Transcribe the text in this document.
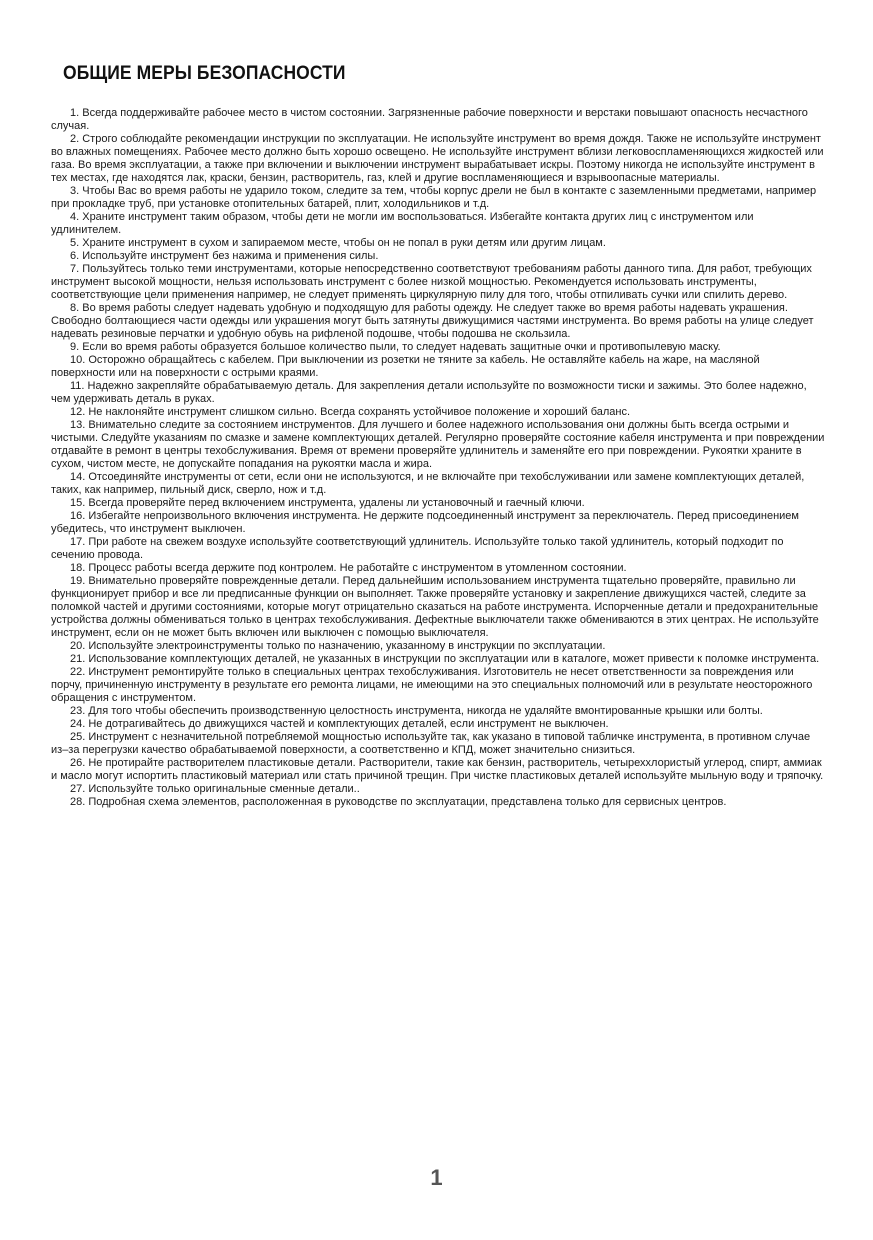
ОБЩИЕ МЕРЫ БЕЗОПАСНОСТИ
1. Всегда поддерживайте рабочее место в чистом состоянии. Загрязненные рабочие поверхности и верстаки повышают опасность несчастного случая.
2. Строго соблюдайте рекомендации инструкции по эксплуатации. Не используйте инструмент во время дождя. Также не используйте инструмент во влажных помещениях. Рабочее место должно быть хорошо освещено. Не используйте инструмент вблизи легковоспламеняющихся жидкостей или газа. Во время эксплуатации, а также при включении и выключении инструмент вырабатывает искры. Поэтому никогда не используйте инструмент в тех местах, где находятся лак, краски, бензин, растворитель, газ, клей и другие воспламеняющиеся и взрывоопасные материалы.
3. Чтобы Вас во время работы не ударило током, следите за тем, чтобы корпус дрели не был в контакте с заземленными предметами, например при прокладке труб, при установке отопительных батарей, плит, холодильников и т.д.
4. Храните инструмент таким образом, чтобы дети не могли им воспользоваться. Избегайте контакта других лиц с инструментом или удлинителем.
5. Храните инструмент в сухом и запираемом месте, чтобы он не попал в руки детям или другим лицам.
6. Используйте инструмент без нажима и применения силы.
7. Пользуйтесь только теми инструментами, которые непосредственно соответствуют требованиям работы данного типа. Для работ, требующих инструмент высокой мощности, нельзя использовать инструмент с более низкой мощностью. Рекомендуется использовать инструменты, соответствующие цели применения например, не следует применять циркулярную пилу для того, чтобы отпиливать сучки или спилить дерево.
8. Во время работы следует надевать удобную и подходящую для работы одежду. Не следует также во время работы надевать украшения. Свободно болтающиеся части одежды или украшения могут быть затянуты движущимися частями инструмента. Во время работы на улице следует надевать резиновые перчатки и удобную обувь на рифленой подошве, чтобы подошва не скользила.
9. Если во время работы образуется большое количество пыли, то следует надевать защитные очки и противопылевую маску.
10. Осторожно обращайтесь с кабелем. При выключении из розетки не тяните за кабель. Не оставляйте кабель на жаре, на масляной поверхности или на поверхности с острыми краями.
11. Надежно закрепляйте обрабатываемую деталь. Для закрепления детали используйте по возможности тиски и зажимы. Это более надежно, чем удерживать деталь в руках.
12. Не наклоняйте инструмент слишком сильно. Всегда сохранять устойчивое положение и хороший баланс.
13. Внимательно следите за состоянием инструментов. Для лучшего и более надежного использования они должны быть всегда острыми и чистыми. Следуйте указаниям по смазке и замене комплектующих деталей. Регулярно проверяйте состояние кабеля инструмента и при повреждении отдавайте в ремонт в центры техобслуживания. Время от времени проверяйте удлинитель и заменяйте его при повреждении. Рукоятки храните в сухом, чистом месте, не допускайте попадания на рукоятки масла и жира.
14. Отсоединяйте инструменты от сети, если они не используются, и не включайте при техобслуживании или замене комплектующих деталей, таких, как например, пильный диск, сверло, нож и т.д.
15. Всегда проверяйте перед включением инструмента, удалены ли установочный и гаечный ключи.
16. Избегайте непроизвольного включения инструмента. Не держите подсоединенный инструмент за переключатель. Перед присоединением убедитесь, что инструмент выключен.
17. При работе на свежем воздухе используйте соответствующий удлинитель. Используйте только такой удлинитель, который подходит по сечению провода.
18. Процесс работы всегда держите под контролем. Не работайте с инструментом в утомленном состоянии.
19. Внимательно проверяйте поврежденные детали. Перед дальнейшим использованием инструмента тщательно проверяйте, правильно ли функционирует прибор и все ли предписанные функции он выполняет. Также проверяйте установку и закрепление движущихся частей, следите за поломкой частей и другими состояниями, которые могут отрицательно сказаться на работе инструмента. Испорченные детали и предохранительные устройства должны обмениваться только в центрах техобслуживания. Дефектные выключатели также обмениваются в этих центрах. Не используйте инструмент, если он не может быть включен или выключен с помощью выключателя.
20. Используйте электроинструменты только по назначению, указанному в инструкции по эксплуатации.
21. Использование комплектующих деталей, не указанных в инструкции по эксплуатации или в каталоге, может привести к поломке инструмента.
22. Инструмент ремонтируйте только в специальных центрах техобслуживания. Изготовитель не несет ответственности за повреждения или порчу, причиненную инструменту в результате его ремонта лицами, не имеющими на это специальных полномочий или в результате неосторожного обращения с инструментом.
23. Для того чтобы обеспечить производственную целостность инструмента, никогда не удаляйте вмонтированные крышки или болты.
24. Не дотрагивайтесь до движущихся частей и комплектующих деталей, если инструмент не выключен.
25. Инструмент с незначительной потребляемой мощностью используйте так, как указано в типовой табличке инструмента, в противном случае из–за перегрузки качество обрабатываемой поверхности, а соответственно и КПД, может значительно снизиться.
26. Не протирайте растворителем пластиковые детали. Растворители, такие как бензин, растворитель, четыреххлористый углерод, спирт, аммиак и масло могут испортить пластиковый материал или стать причиной трещин. При чистке пластиковых деталей используйте мыльную воду и тряпочку.
27. Используйте только оригинальные сменные детали..
28. Подробная схема элементов, расположенная в руководстве по эксплуатации, представлена только для сервисных центров.
1
